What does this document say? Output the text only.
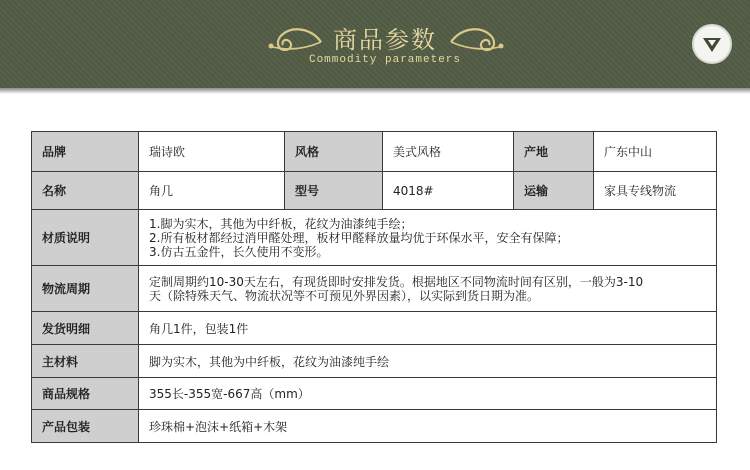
商品参数
Commodity parameters
品牌	瑞诗欧	风格	美式风格	产地	广东中山
名称	角几	型号	4018#	运输	家具专线物流
材质说明	1.脚为实木，其他为中纤板，花纹为油漆纯手绘；
2.所有板材都经过消甲醛处理，板材甲醛释放量均优于环保水平，安全有保障；
3.仿古五金件，长久使用不变形。				

物流周期	定制周期约10-30天左右，有现货即时安排发货。根据地区不同物流时间有区别，一般为3-10
天（除特殊天气、物流状况等不可预见外界因素），以实际到货日期为准。				

发货明细	角几1件，包装1件				
主材料	脚为实木，其他为中纤板，花纹为油漆纯手绘				
商品规格	355长-355宽-667高（mm）				
产品包装	珍珠棉+泡沫+纸箱+木架				
